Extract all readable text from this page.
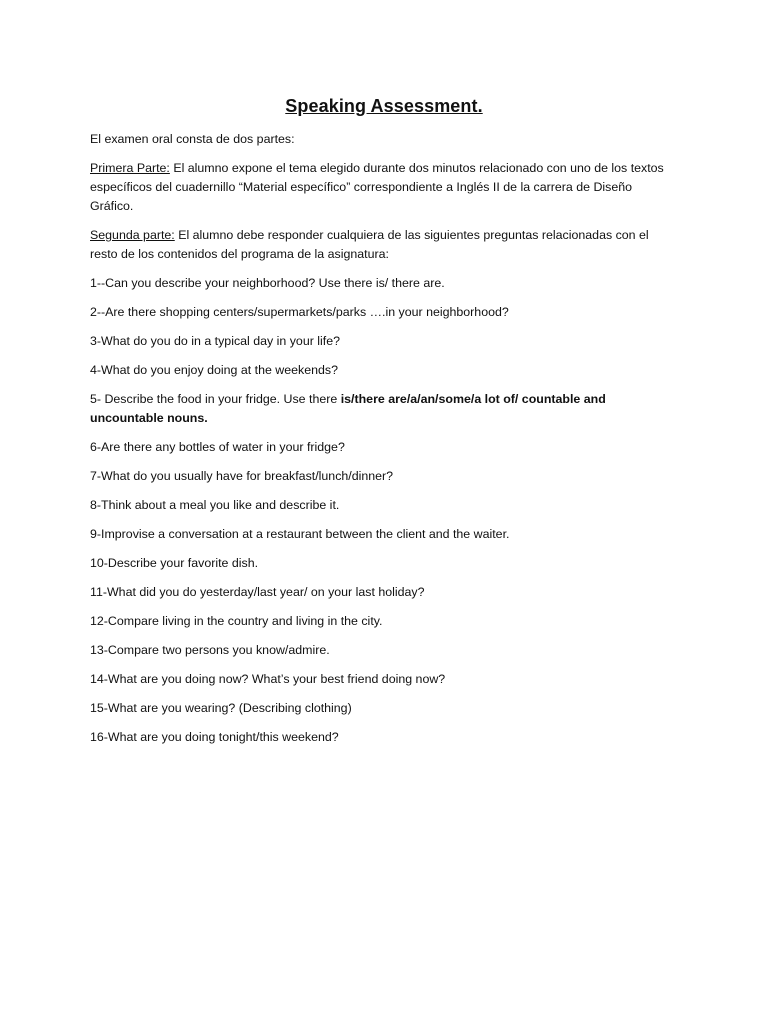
Speaking Assessment.

El examen oral consta de dos partes:

Primera Parte: El alumno expone el tema elegido durante dos minutos relacionado con uno de los textos específicos del cuadernillo “Material específico” correspondiente a Inglés II de la carrera de Diseño Gráfico.

Segunda parte: El alumno debe responder cualquiera de las siguientes preguntas relacionadas con el resto de los contenidos del programa de la asignatura:

1--Can you describe your neighborhood? Use there is/ there are.

2--Are there shopping centers/supermarkets/parks ….in your neighborhood?

3-What do you do in a typical day in your life?

4-What do you enjoy doing at the weekends?

5- Describe the food in your fridge. Use there is/there are/a/an/some/a lot of/ countable and uncountable nouns.

6-Are there any bottles of water in your fridge?

7-What do you usually have for breakfast/lunch/dinner?

8-Think about a meal you like and describe it.

9-Improvise a conversation at a restaurant between the client and the waiter.

10-Describe your favorite dish.

11-What did you do yesterday/last year/ on your last holiday?

12-Compare living in the country and living in the city.

13-Compare two persons you know/admire.

14-What are you doing now? What’s your best friend doing now?

15-What are you wearing? (Describing clothing)

16-What are you doing tonight/this weekend?
